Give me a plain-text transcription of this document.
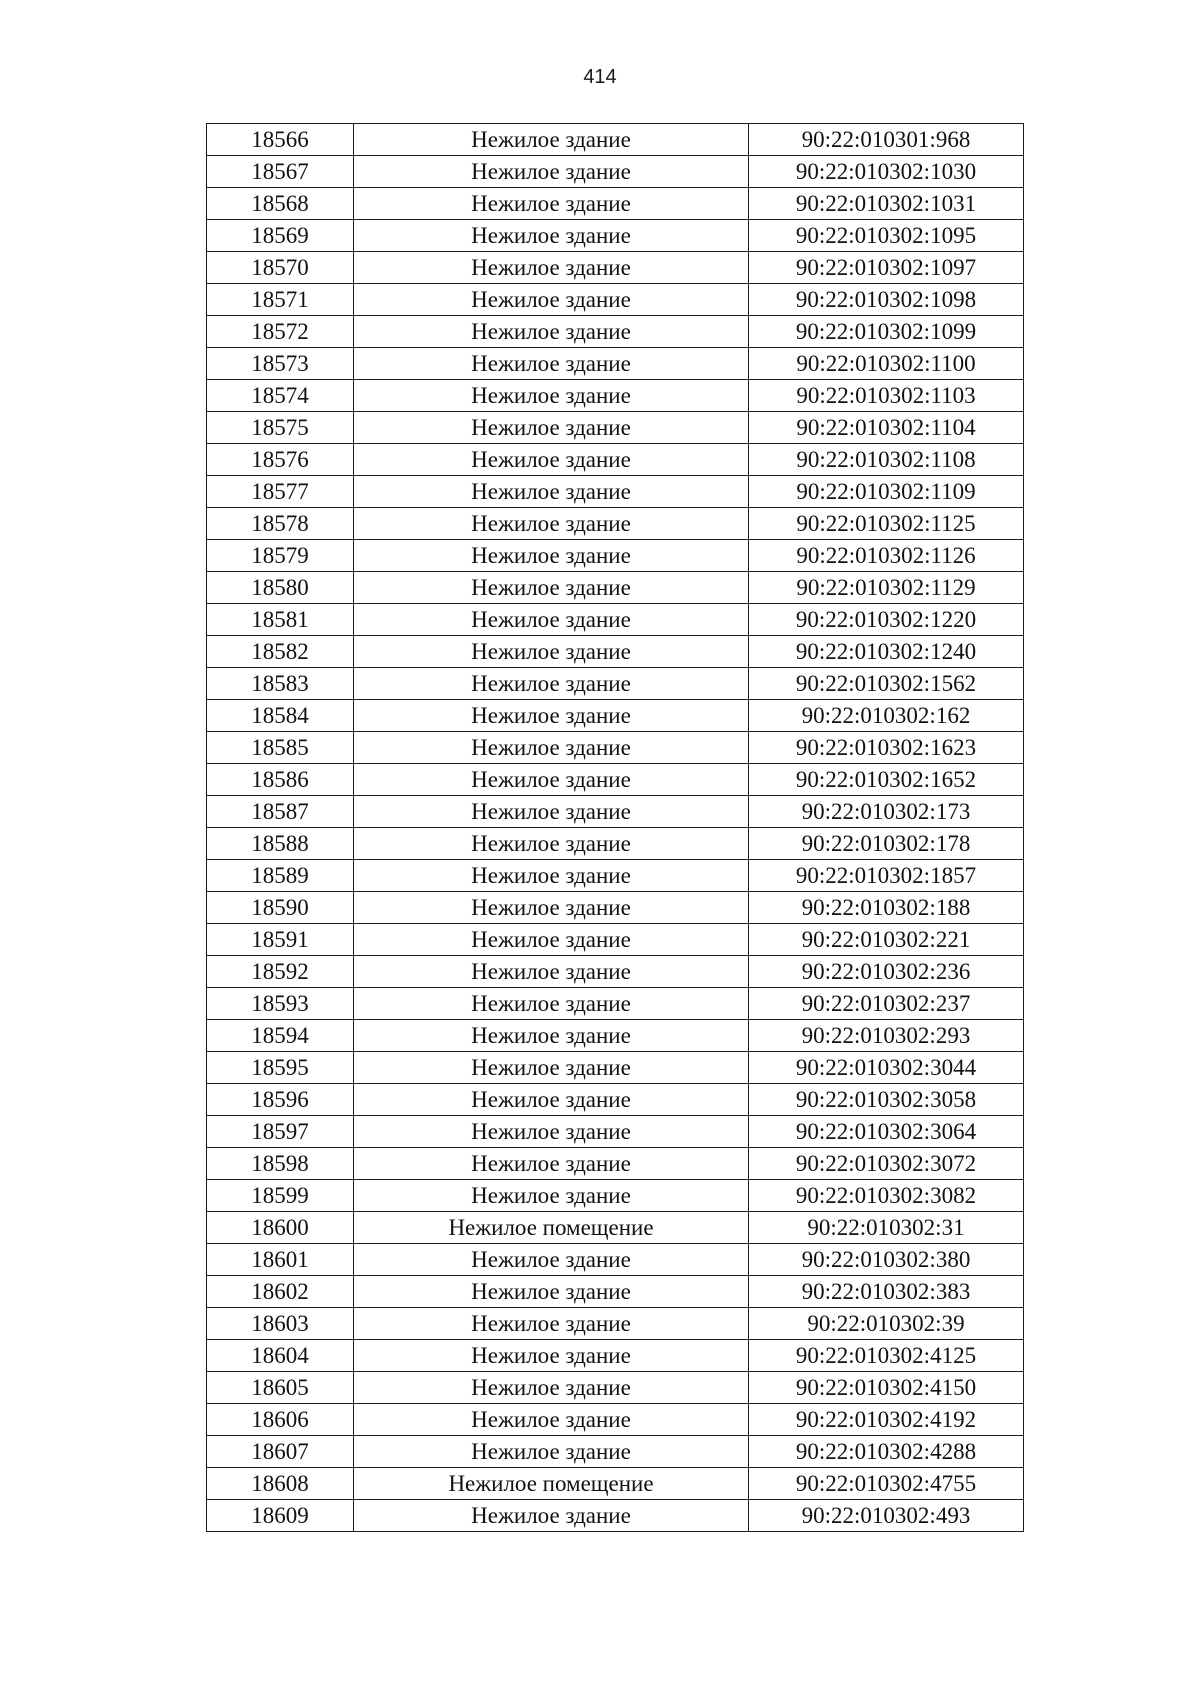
414
18566	Нежилое здание	90:22:010301:968
18567	Нежилое здание	90:22:010302:1030
18568	Нежилое здание	90:22:010302:1031
18569	Нежилое здание	90:22:010302:1095
18570	Нежилое здание	90:22:010302:1097
18571	Нежилое здание	90:22:010302:1098
18572	Нежилое здание	90:22:010302:1099
18573	Нежилое здание	90:22:010302:1100
18574	Нежилое здание	90:22:010302:1103
18575	Нежилое здание	90:22:010302:1104
18576	Нежилое здание	90:22:010302:1108
18577	Нежилое здание	90:22:010302:1109
18578	Нежилое здание	90:22:010302:1125
18579	Нежилое здание	90:22:010302:1126
18580	Нежилое здание	90:22:010302:1129
18581	Нежилое здание	90:22:010302:1220
18582	Нежилое здание	90:22:010302:1240
18583	Нежилое здание	90:22:010302:1562
18584	Нежилое здание	90:22:010302:162
18585	Нежилое здание	90:22:010302:1623
18586	Нежилое здание	90:22:010302:1652
18587	Нежилое здание	90:22:010302:173
18588	Нежилое здание	90:22:010302:178
18589	Нежилое здание	90:22:010302:1857
18590	Нежилое здание	90:22:010302:188
18591	Нежилое здание	90:22:010302:221
18592	Нежилое здание	90:22:010302:236
18593	Нежилое здание	90:22:010302:237
18594	Нежилое здание	90:22:010302:293
18595	Нежилое здание	90:22:010302:3044
18596	Нежилое здание	90:22:010302:3058
18597	Нежилое здание	90:22:010302:3064
18598	Нежилое здание	90:22:010302:3072
18599	Нежилое здание	90:22:010302:3082
18600	Нежилое помещение	90:22:010302:31
18601	Нежилое здание	90:22:010302:380
18602	Нежилое здание	90:22:010302:383
18603	Нежилое здание	90:22:010302:39
18604	Нежилое здание	90:22:010302:4125
18605	Нежилое здание	90:22:010302:4150
18606	Нежилое здание	90:22:010302:4192
18607	Нежилое здание	90:22:010302:4288
18608	Нежилое помещение	90:22:010302:4755
18609	Нежилое здание	90:22:010302:493
